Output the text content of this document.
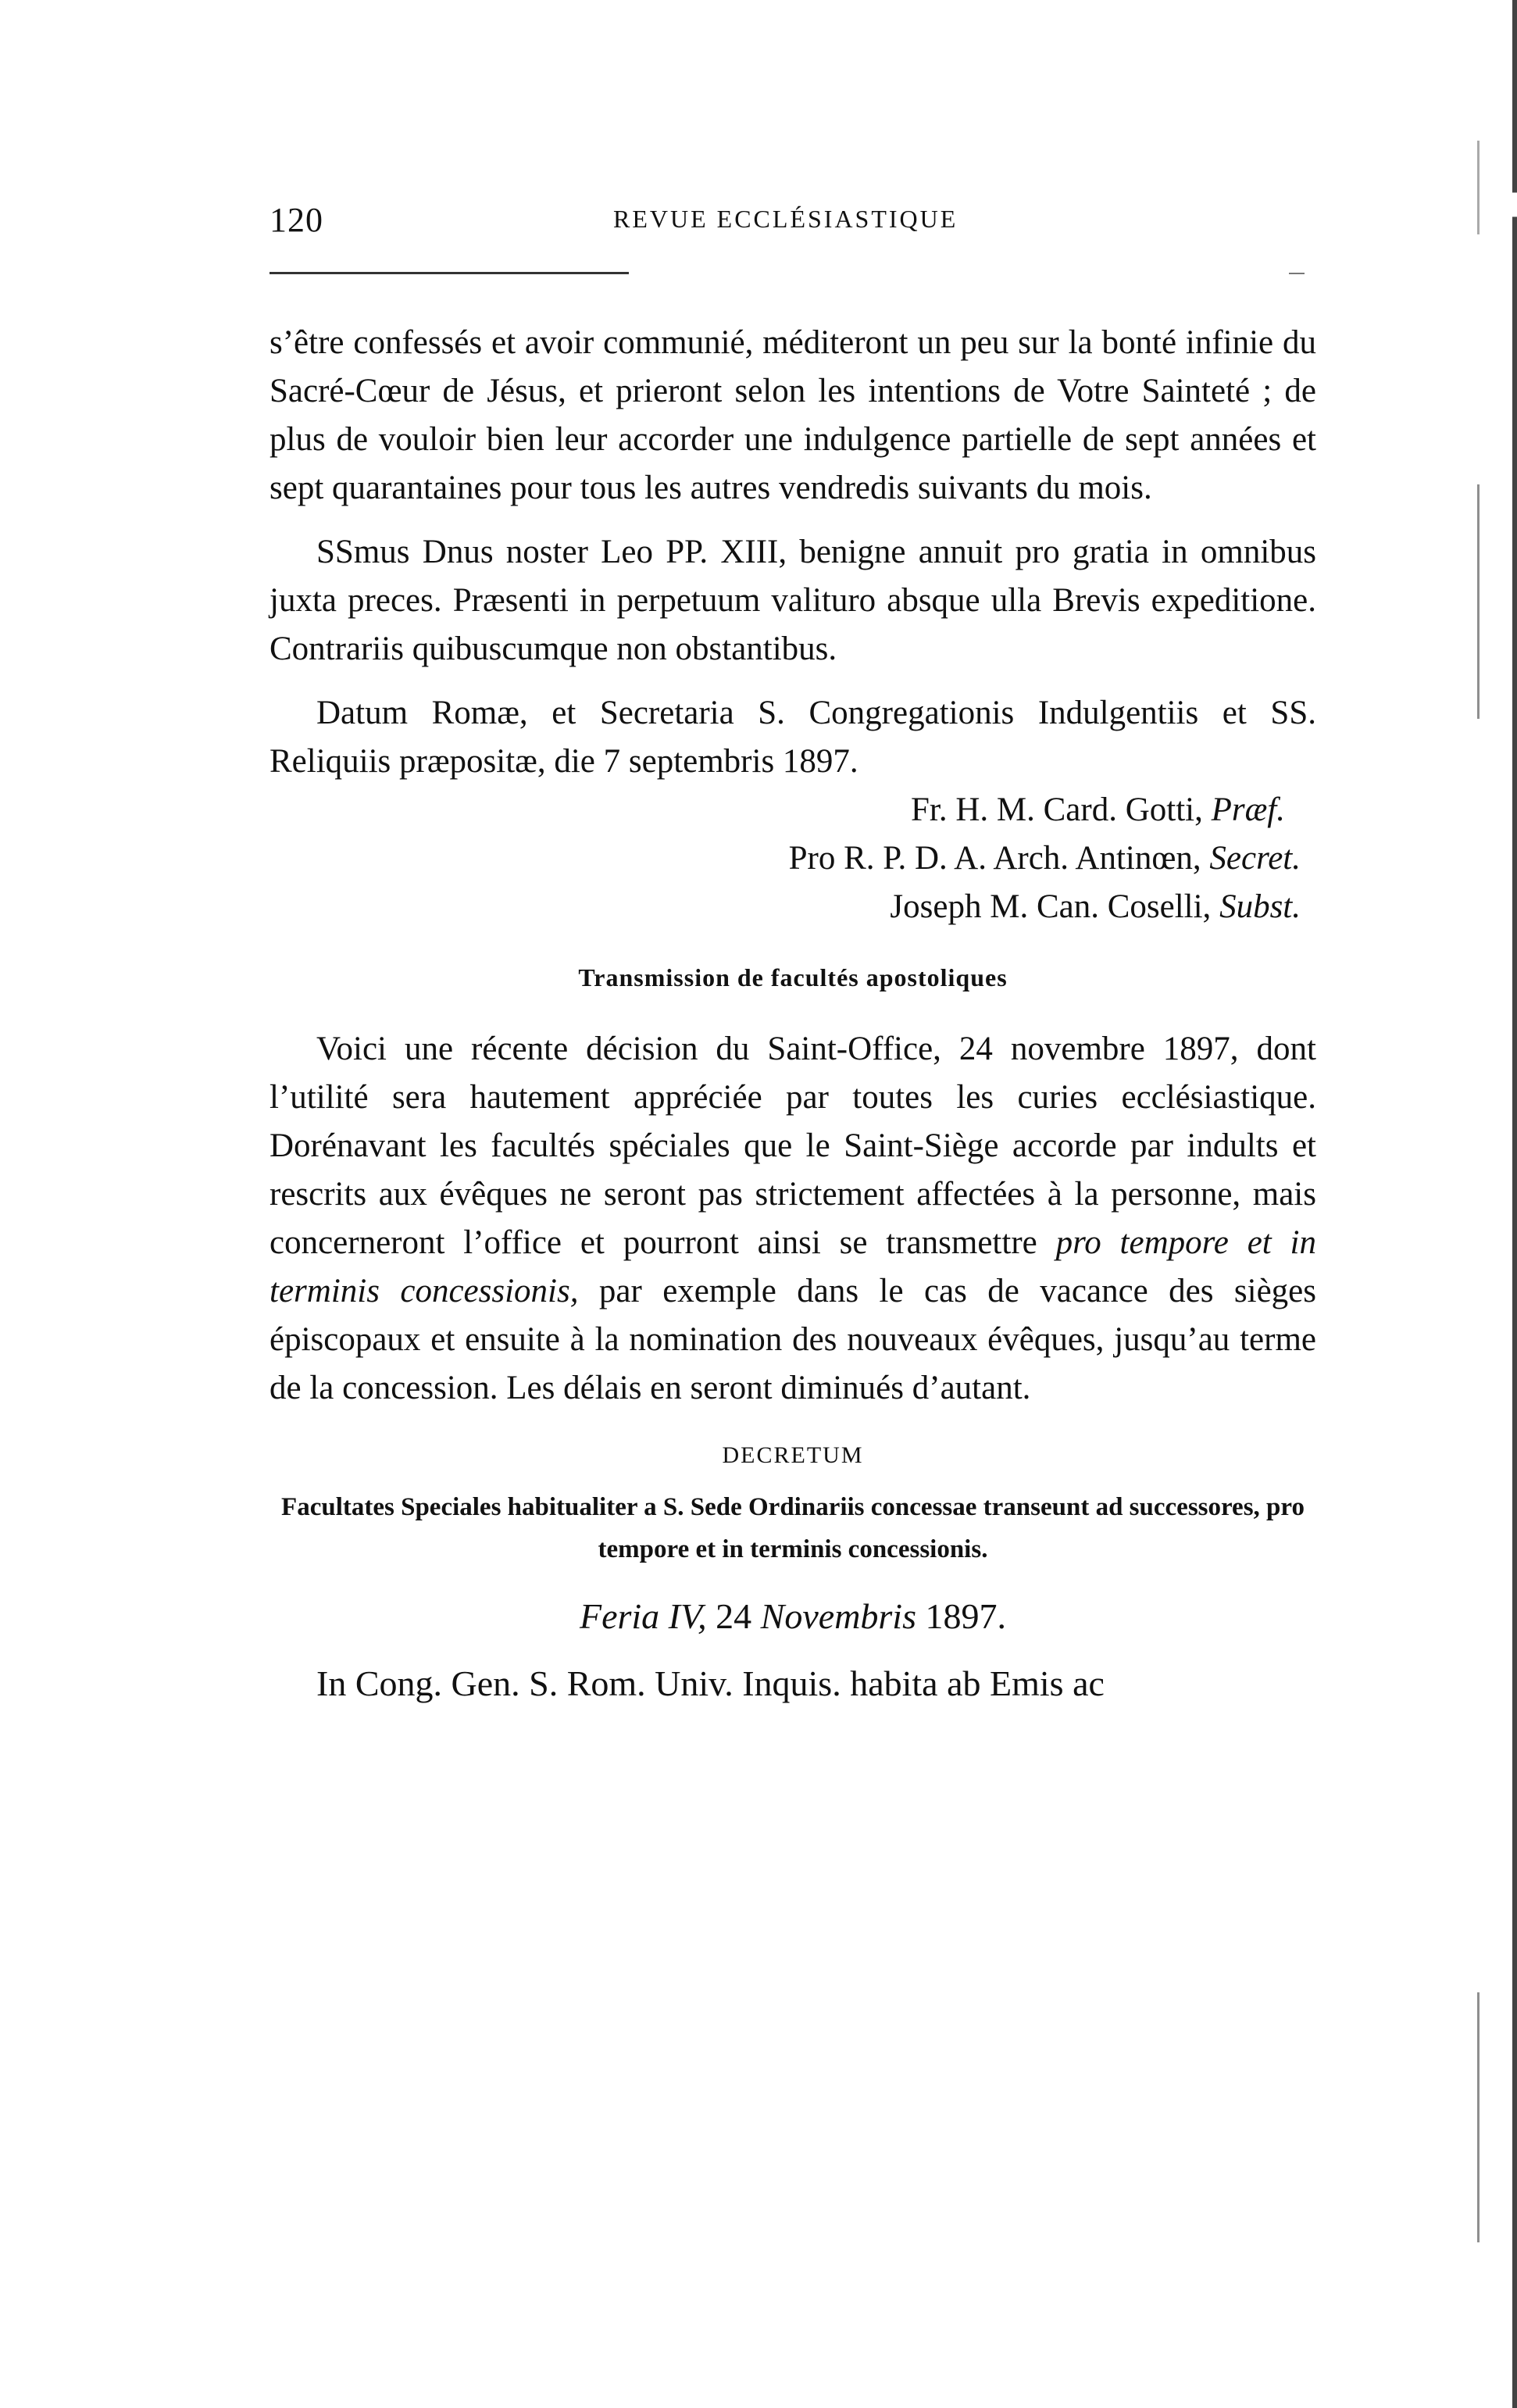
120	REVUE ECCLÉSIASTIQUE

s’être confessés et avoir communié, méditeront un peu sur la bonté infinie du Sacré-Cœur de Jésus, et prieront selon les intentions de Votre Sainteté ; de plus de vouloir bien leur accorder une indulgence partielle de sept années et sept quarantaines pour tous les autres vendredis suivants du mois.

SSmus Dnus noster Leo PP. XIII, benigne annuit pro gratia in omnibus juxta preces. Præsenti in perpetuum valituro absque ulla Brevis expeditione. Contrariis quibuscumque non obstantibus.

Datum Romæ, et Secretaria S. Congregationis Indulgentiis et SS. Reliquiis præpositæ, die 7 septembris 1897.

Fr. H. M. Card. Gotti, Præf.

Pro R. P. D. A. Arch. Antinœn, Secret.

Joseph M. Can. Coselli, Subst.

Transmission de facultés apostoliques

Voici une récente décision du Saint-Office, 24 novembre 1897, dont l’utilité sera hautement appréciée par toutes les curies ecclésiastique. Dorénavant les facultés spéciales que le Saint-Siège accorde par indults et rescrits aux évêques ne seront pas strictement affectées à la personne, mais concerneront l’office et pourront ainsi se transmettre pro tempore et in terminis concessionis, par exemple dans le cas de vacance des sièges épiscopaux et ensuite à la nomination des nouveaux évêques, jusqu’au terme de la concession. Les délais en seront diminués d’autant.

DECRETUM

Facultates Speciales habitualiter a S. Sede Ordinariis concessae transeunt ad successores, pro tempore et in terminis concessionis.

Feria IV, 24 Novembris 1897.

In Cong. Gen. S. Rom. Univ. Inquis. habita ab Emis ac
